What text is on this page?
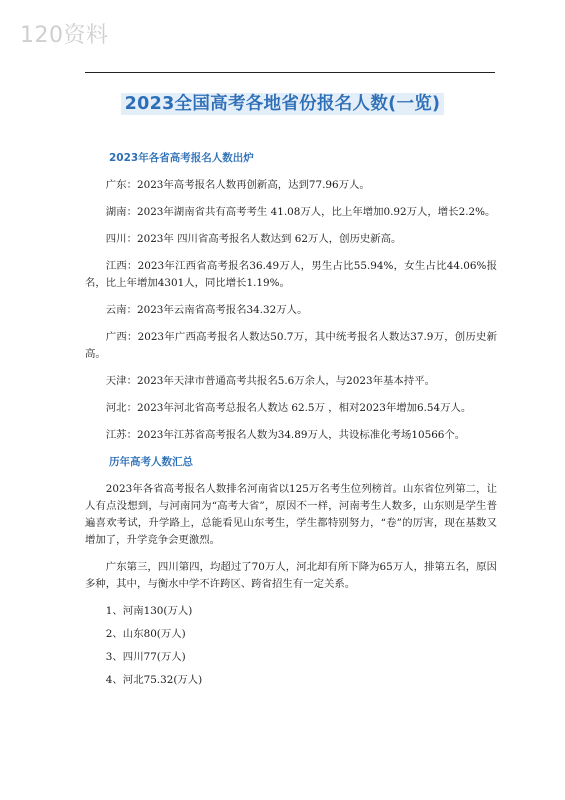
120资料
2023全国高考各地省份报名人数(一览)
2023年各省高考报名人数出炉
广东：2023年高考报名人数再创新高，达到77.96万人。
湖南：2023年湖南省共有高考考生 41.08万人，比上年增加0.92万人，增长2.2%。
四川：2023年 四川省高考报名人数达到 62万人，创历史新高。
江西：2023年江西省高考报名36.49万人，男生占比55.94%，女生占比44.06%报名，比上年增加4301人，同比增长1.19%。
云南：2023年云南省高考报名34.32万人。
广西：2023年广西高考报名人数达50.7万，其中统考报名人数达37.9万，创历史新高。
天津：2023年天津市普通高考共报名5.6万余人，与2023年基本持平。
河北：2023年河北省高考总报名人数达 62.5万 ，相对2023年增加6.54万人。
江苏：2023年江苏省高考报名人数为34.89万人，共设标准化考场10566个。
历年高考人数汇总
2023年各省高考报名人数排名河南省以125万名考生位列榜首。山东省位列第二，让人有点没想到，与河南同为“高考大省”，原因不一样，河南考生人数多，山东则是学生普遍喜欢考试，升学路上，总能看见山东考生，学生都特别努力，“卷”的厉害，现在基数又增加了，升学竞争会更激烈。
广东第三，四川第四，均超过了70万人，河北却有所下降为65万人，排第五名，原因多种，其中，与衡水中学不许跨区、跨省招生有一定关系。
1、河南130(万人)
2、山东80(万人)
3、四川77(万人)
4、河北75.32(万人)
